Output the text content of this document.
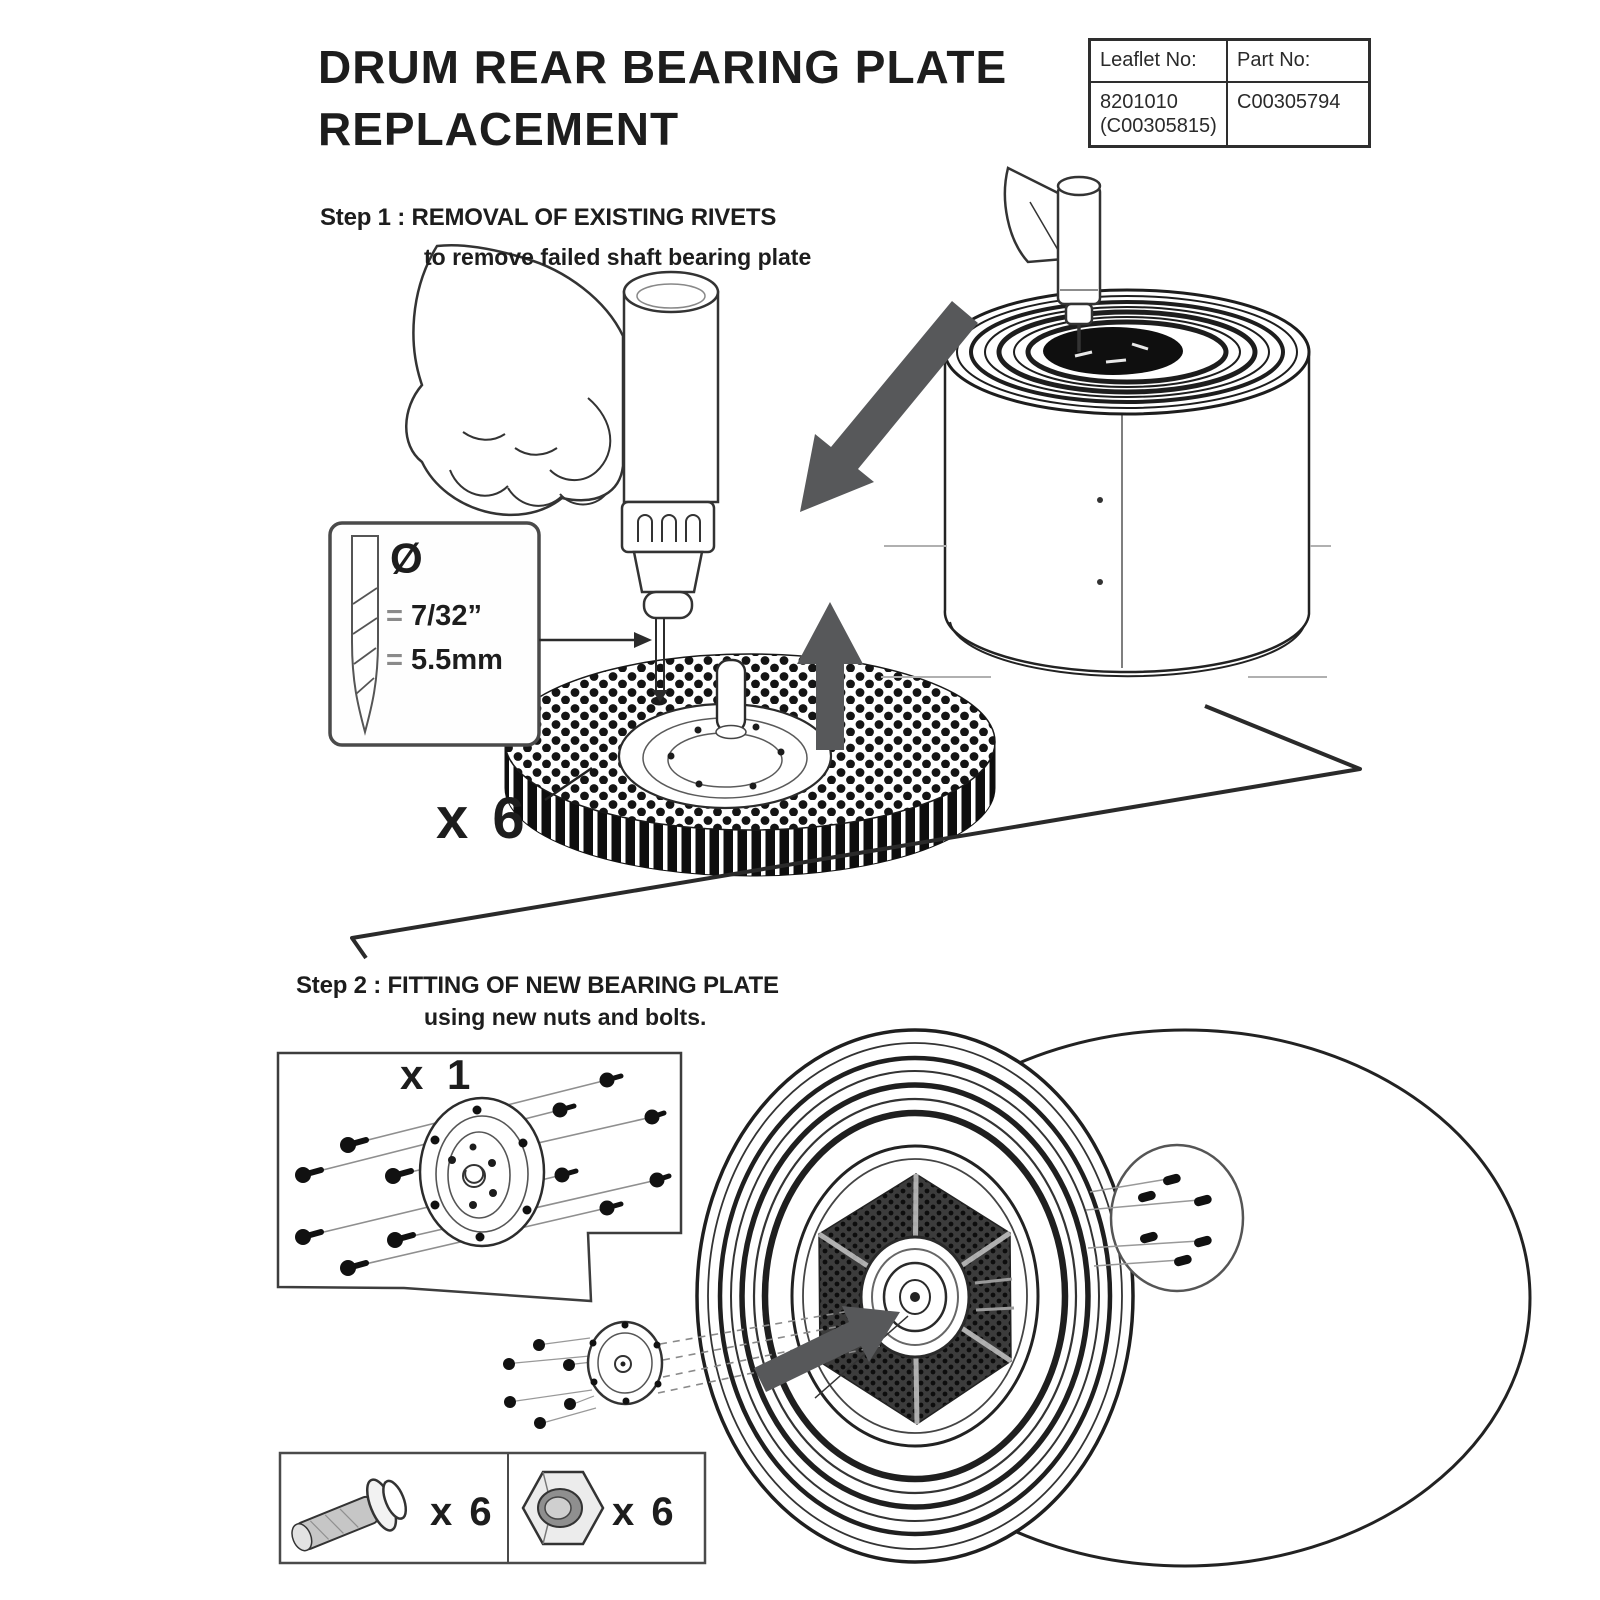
DRUM REAR BEARING PLATE
REPLACEMENT
Leaflet No:	Part No:
8201010
(C00305815)	C00305794
Step 1 : REMOVAL OF EXISTING RIVETS
to remove failed shaft bearing plate
Ø
= 7/32”
= 5.5mm
x 6
Step 2 : FITTING OF NEW BEARING PLATE
using new nuts and bolts.
x 1
x 6	x 6
